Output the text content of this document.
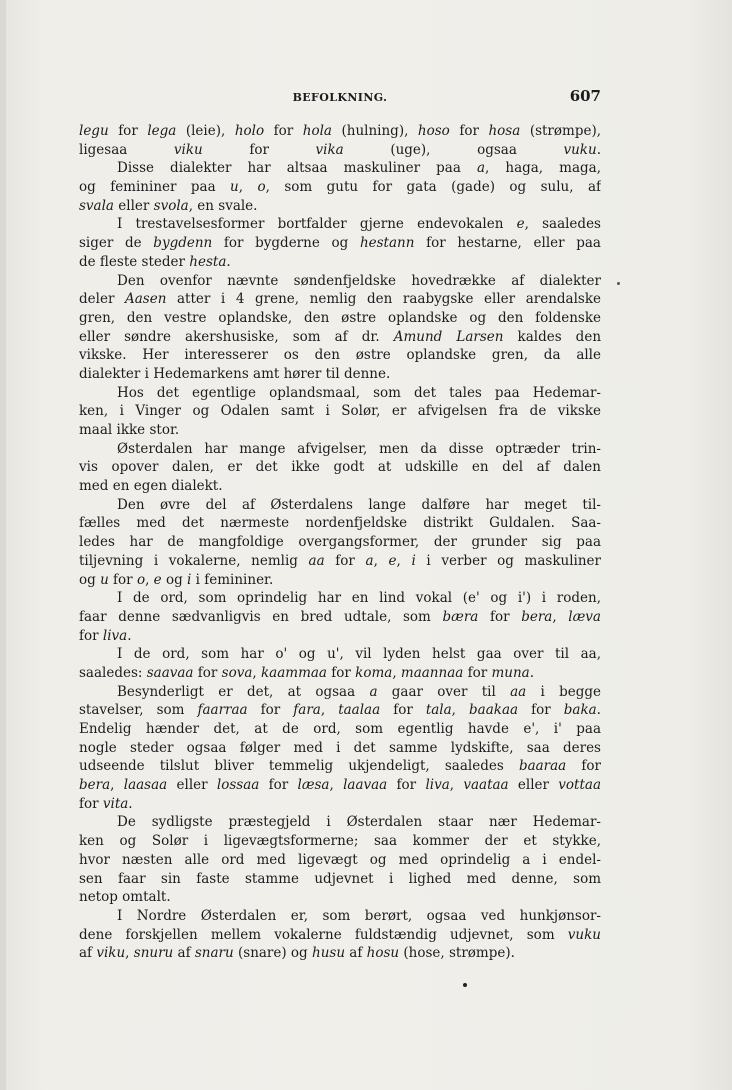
BEFOLKNING.	607
legu for lega (leie), holo for hola (hulning), hoso for hosa (strømpe),
ligesaa viku for vika (uge), ogsaa vuku.
Disse dialekter har altsaa maskuliner paa a, haga, maga,
og femininer paa u, o, som gutu for gata (gade) og sulu, af
svala eller svola, en svale.
I trestavelsesformer bortfalder gjerne endevokalen e, saaledes
siger de bygdenn for bygderne og hestann for hestarne, eller paa
de fleste steder hesta.
Den ovenfor nævnte søndenfjeldske hovedrække af dialekter
deler Aasen atter i 4 grene, nemlig den raabygske eller arendalske
gren, den vestre oplandske, den østre oplandske og den foldenske
eller søndre akershusiske, som af dr. Amund Larsen kaldes den
vikske. Her interesserer os den østre oplandske gren, da alle
dialekter i Hedemarkens amt hører til denne.
Hos det egentlige oplandsmaal, som det tales paa Hedemar-
ken, i Vinger og Odalen samt i Solør, er afvigelsen fra de vikske
maal ikke stor.
Østerdalen har mange afvigelser, men da disse optræder trin-
vis opover dalen, er det ikke godt at udskille en del af dalen
med en egen dialekt.
Den øvre del af Østerdalens lange dalføre har meget til-
fælles med det nærmeste nordenfjeldske distrikt Guldalen. Saa-
ledes har de mangfoldige overgangsformer, der grunder sig paa
tiljevning i vokalerne, nemlig aa for a, e, i i verber og maskuliner
og u for o, e og i i femininer.
I de ord, som oprindelig har en lind vokal (e' og i') i roden,
faar denne sædvanligvis en bred udtale, som bæra for bera, læva
for liva.
I de ord, som har o' og u', vil lyden helst gaa over til aa,
saaledes: saavaa for sova, kaammaa for koma, maannaa for muna.
Besynderligt er det, at ogsaa a gaar over til aa i begge
stavelser, som faarraa for fara, taalaa for tala, baakaa for baka.
Endelig hænder det, at de ord, som egentlig havde e', i' paa
nogle steder ogsaa følger med i det samme lydskifte, saa deres
udseende tilslut bliver temmelig ukjendeligt, saaledes baaraa for
bera, laasaa eller lossaa for læsa, laavaa for liva, vaataa eller vottaa
for vita.
De sydligste præstegjeld i Østerdalen staar nær Hedemar-
ken og Solør i ligevægtsformerne; saa kommer der et stykke,
hvor næsten alle ord med ligevægt og med oprindelig a i endel-
sen faar sin faste stamme udjevnet i lighed med denne, som
netop omtalt.
I Nordre Østerdalen er, som berørt, ogsaa ved hunkjønsor-
dene forskjellen mellem vokalerne fuldstændig udjevnet, som vuku
af viku, snuru af snaru (snare) og husu af hosu (hose, strømpe).
